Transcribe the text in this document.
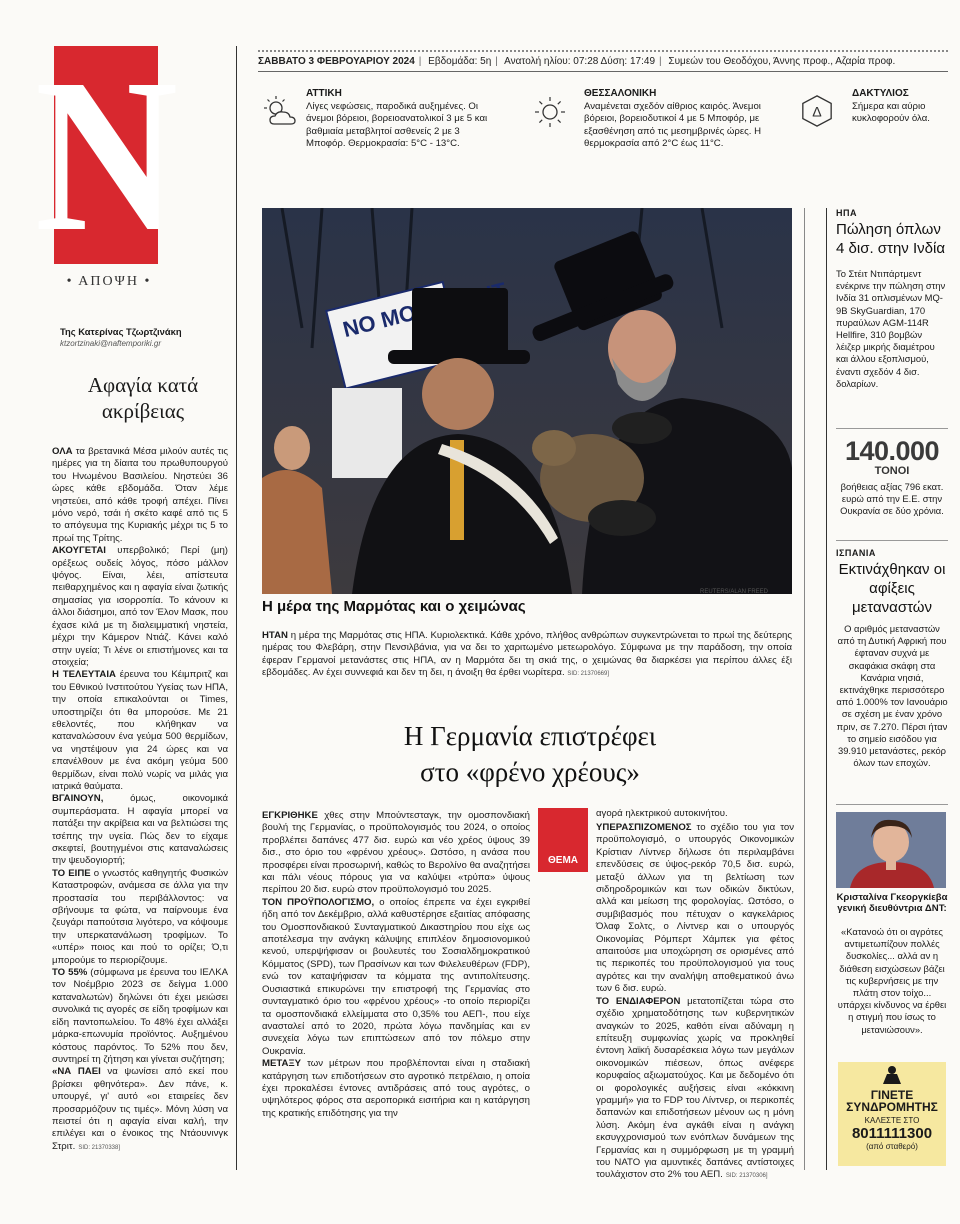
N
• ΑΠΟΨΗ •
ΣΑΒΒΑΤΟ 3 ΦΕΒΡΟΥΑΡΙΟΥ 2024 | Εβδομάδα: 5η | Ανατολή ηλίου: 07:28 Δύση: 17:49 | Συμεών του Θεοδόχου, Άννης προφ., Αζαρία προφ.
ΑΤΤΙΚΗ
Λίγες νεφώσεις, παροδικά αυξημένες. Οι άνεμοι βόρειοι, βορειοανατολικοί 3 με 5 και βαθμιαία μεταβλητοί ασθενείς 2 με 3 Μποφόρ. Θερμοκρασία: 5°C - 13°C.
ΘΕΣΣΑΛΟΝΙΚΗ
Αναμένεται σχεδόν αίθριος καιρός. Άνεμοι βόρειοι, βορειοδυτικοί 4 με 5 Μποφόρ, με εξασθένηση από τις μεσημβρινές ώρες. Η θερμοκρασία από 2°C έως 11°C.
Δ
ΔΑΚΤΥΛΙΟΣ
Σήμερα και αύριο κυκλοφορούν όλα.
Της Κατερίνας Τζωρτζινάκη
ktzortzinaki@naftemporiki.gr
Αφαγία κατά ακρίβειας

ΟΛΑ τα βρετανικά Μέσα μιλούν αυτές τις ημέρες για τη δίαιτα του πρωθυπουργού του Ηνωμένου Βασιλείου. Νηστεύει 36 ώρες κάθε εβδομάδα. Όταν λέμε νηστεύει, από κάθε τροφή απέχει. Πίνει μόνο νερό, τσάι ή σκέτο καφέ από τις 5 το απόγευμα της Κυριακής μέχρι τις 5 το πρωί της Τρίτης.

ΑΚΟΥΓΕΤΑΙ υπερβολικό; Περί (μη) ορέξεως ουδείς λόγος, πόσο μάλλον ψόγος. Είναι, λέει, απίστευτα πειθαρχημένος και η αφαγία είναι ζωτικής σημασίας για ισορροπία. Το κάνουν κι άλλοι διάσημοι, από τον Έλον Μασκ, που έχασε κιλά με τη διαλειμματική νηστεία, μέχρι την Κάμερον Ντιάζ. Κάνει καλό στην υγεία; Τι λένε οι επιστήμονες και τα στοιχεία;

Η ΤΕΛΕΥΤΑΙΑ έρευνα του Κέιμπριτζ και του Εθνικού Ινστιτούτου Υγείας των ΗΠΑ, την οποία επικαλούνται οι Times, υποστηρίζει ότι θα μπορούσε. Με 21 εθελοντές, που κλήθηκαν να καταναλώσουν ένα γεύμα 500 θερμίδων, να νηστέψουν για 24 ώρες και να επανέλθουν με ένα ακόμη γεύμα 500 θερμίδων, είναι πολύ νωρίς να μιλάς για ιατρικά θαύματα.

ΒΓΑΙΝΟΥΝ, όμως, οικονομικά συμπεράσματα. Η αφαγία μπορεί να πατάξει την ακρίβεια και να βελτιώσει της τσέπης την υγεία. Πώς δεν το είχαμε σκεφτεί, βουτηγμένοι στις καταναλώσεις την ψευδογιορτή;

ΤΟ ΕΙΠΕ ο γνωστός καθηγητής Φυσικών Καταστροφών, ανάμεσα σε άλλα για την προστασία του περιβάλλοντος: να σβήνουμε τα φώτα, να παίρνουμε ένα ζευγάρι παπούτσια λιγότερο, να κόψουμε την υπερκατανάλωση τροφίμων. Το «υπέρ» ποιος και πού το ορίζει; Ό,τι μπορούμε το περιορίζουμε.

ΤΟ 55% (σύμφωνα με έρευνα του ΙΕΛΚΑ τον Νοέμβριο 2023 σε δείγμα 1.000 καταναλωτών) δηλώνει ότι έχει μειώσει συνολικά τις αγορές σε είδη τροφίμων και είδη παντοπωλείου. Το 48% έχει αλλάξει μάρκα-επωνυμία προϊόντος. Αυξημένου κόστους παρόντος. Το 52% που δεν, συντηρεί τη ζήτηση και γίνεται συζήτηση;

«ΝΑ ΠΑΕΙ να ψωνίσει από εκεί που βρίσκει φθηνότερα». Δεν πάνε, κ. υπουργέ, γι' αυτό «οι εταιρείες δεν προσαρμόζουν τις τιμές». Μόνη λύση να πειστεί ότι η αφαγία είναι καλή, την επιλέγει και ο ένοικος της Ντάουνινγκ Στριτ. SID: 21370338]

NO
REUTERS/ALAN FREED
Η μέρα της Μαρμότας και ο χειμώνας

ΗΤΑΝ η μέρα της Μαρμότας στις ΗΠΑ. Κυριολεκτικά. Κάθε χρόνο, πλήθος ανθρώπων συγκεντρώνεται το πρωί της δεύτερης ημέρας του Φλεβάρη, στην Πενσιλβάνια, για να δει το χαριτωμένο μετεωρολόγο. Σύμφωνα με την παράδοση, την οποία έφεραν Γερμανοί μετανάστες στις ΗΠΑ, αν η Μαρμότα δει τη σκιά της, ο χειμώνας θα διαρκέσει για περίπου άλλες έξι εβδομάδες. Αν έχει συννεφιά και δεν τη δει, η άνοιξη θα έρθει νωρίτερα. SID: 21370669]

Η Γερμανία επιστρέφει
στο «φρένο χρέους»
ΘΕΜΑ

ΕΓΚΡΙΘΗΚΕ χθες στην Μπούντεσταγκ, την ομοσπονδιακή βουλή της Γερμανίας, ο προϋπολογισμός του 2024, ο οποίος προβλέπει δαπάνες 477 δισ. ευρώ και νέο χρέος ύψους 39 δισ., στο όριο του «φρένου χρέους». Ωστόσο, η ανάσα που προσφέρει είναι προσωρινή, καθώς το Βερολίνο θα αναζητήσει και πάλι νέους πόρους για να καλύψει «τρύπα» ύψους περίπου 20 δισ. ευρώ στον προϋπολογισμό του 2025.

ΤΟΝ ΠΡΟΫΠΟΛΟΓΙΣΜΟ, ο οποίος έπρεπε να έχει εγκριθεί ήδη από τον Δεκέμβριο, αλλά καθυστέρησε εξαιτίας απόφασης του Ομοσπονδιακού Συνταγματικού Δικαστηρίου που είχε ως αποτέλεσμα την ανάγκη κάλυψης επιπλέον δημοσιονομικού κενού, υπερψήφισαν οι βουλευτές του Σοσιαλδημοκρατικού Κόμματος (SPD), των Πρασίνων και των Φιλελευθέρων (FDP), ενώ τον καταψήφισαν τα κόμματα της αντιπολίτευσης. Ουσιαστικά επικυρώνει την επιστροφή της Γερμανίας στο συνταγματικό όριο του «φρένου χρέους» -το οποίο περιορίζει τα ομοσπονδιακά ελλείμματα στο 0,35% του ΑΕΠ-, που είχε ανασταλεί από το 2020, πρώτα λόγω πανδημίας και εν συνεχεία λόγω των επιπτώσεων από τον πόλεμο στην Ουκρανία.

ΜΕΤΑΞΥ των μέτρων που προβλέπονται είναι η σταδιακή κατάργηση των επιδοτήσεων στο αγροτικό πετρέλαιο, η οποία έχει προκαλέσει έντονες αντιδράσεις από τους αγρότες, ο υψηλότερος φόρος στα αεροπορικά εισιτήρια και η κατάργηση της κρατικής επιδότησης για την

αγορά ηλεκτρικού αυτοκινήτου.

ΥΠΕΡΑΣΠΙΖΟΜΕΝΟΣ το σχέδιο του για τον προϋπολογισμό, ο υπουργός Οικονομικών Κρίστιαν Λίντνερ δήλωσε ότι περιλαμβάνει επενδύσεις σε ύψος-ρεκόρ 70,5 δισ. ευρώ, μεταξύ άλλων για τη βελτίωση των σιδηροδρομικών και των οδικών δικτύων, αλλά και μείωση της φορολογίας. Ωστόσο, ο συμβιβασμός που πέτυχαν ο καγκελάριος Όλαφ Σολτς, ο Λίντνερ και ο υπουργός Οικονομίας Ρόμπερτ Χάμπεκ για φέτος απαιτούσε μια υποχώρηση σε ορισμένες από τις περικοπές του προϋπολογισμού για τους αγρότες και την αναλήψη αποθεματικού άνω των 6 δισ. ευρώ.

ΤΟ ΕΝΔΙΑΦΕΡΟΝ μετατοπίζεται τώρα στο σχέδιο χρηματοδότησης των κυβερνητικών αναγκών το 2025, καθότι είναι αδύναμη η επίτευξη συμφωνίας χωρίς να προκληθεί έντονη λαϊκή δυσαρέσκεια λόγω των μεγάλων οικονομικών πιέσεων, όπως ανέφερε κορυφαίος αξιωματούχος. Και με δεδομένο ότι οι φορολογικές αυξήσεις είναι «κόκκινη γραμμή» για το FDP του Λίντνερ, οι περικοπές δαπανών και επιδοτήσεων μένουν ως η μόνη λύση. Ακόμη ένα αγκάθι είναι η ανάγκη εκσυγχρονισμού των ενόπλων δυνάμεων της Γερμανίας και η συμμόρφωση με τη γραμμή του ΝΑΤΟ για αμυντικές δαπάνες αντίστοιχες τουλάχιστον στο 2% του ΑΕΠ. SID: 21370306]

ΗΠΑ
Πώληση όπλων 4 δισ. στην Ινδία
Το Στέιτ Ντιπάρτμεντ ενέκρινε την πώληση στην Ινδία 31 οπλισμένων MQ-9B SkyGuardian, 170 πυραύλων AGM-114R Hellfire, 310 βομβών λέιζερ μικρής διαμέτρου και άλλου εξοπλισμού, έναντι σχεδόν 4 δισ. δολαρίων.
140.000
ΤΟΝΟΙ
βοήθειας αξίας 796 εκατ. ευρώ από την Ε.Ε. στην Ουκρανία σε δύο χρόνια.
ΙΣΠΑΝΙΑ
Εκτινάχθηκαν οι αφίξεις μεταναστών
Ο αριθμός μεταναστών από τη Δυτική Αφρική που έφταναν συχνά με σκαφάκια σκάφη στα Κανάρια νησιά, εκτινάχθηκε περισσότερο από 1.000% τον Ιανουάριο σε σχέση με έναν χρόνο πριν, σε 7.270. Πέρσι ήταν το σημείο εισόδου για 39.910 μετανάστες, ρεκόρ όλων των εποχών.
Κρισταλίνα Γκεοργκίεβα
γενική διευθύντρια ΔΝΤ:
«Κατανοώ ότι οι αγρότες αντιμετωπίζουν πολλές δυσκολίες... αλλά αν η διάθεση εισχώσεων βάζει τις κυβερνήσεις με την πλάτη στον τοίχο... υπάρχει κίνδυνος να έρθει η στιγμή που ίσως το μετανιώσουν».
ΓΙΝΕΤΕ
ΣΥΝΔΡΟΜΗΤΗΣ
ΚΑΛΕΣΤΕ ΣΤΟ
8011111300
(από σταθερό)
